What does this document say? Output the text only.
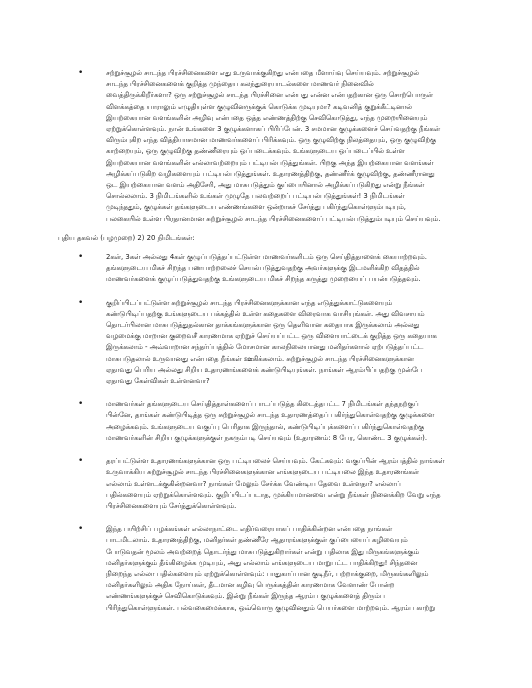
•	சற்றுச்சூழல் சாடந்த பிரச்சினைகளை எது உருவாக்குகிறது என்பதை மீளாய்வு செய்யவும். சற்றுச்சூழல்
சாடந்த பிரச்சினைகளைக் குறித்த முந்தைய கலந்துரையாடல்களை மாணவர் நினைவில்
வைத்திருக்கிறீர்களா? ஒரு சற்றுச்சூழல் சாடந்த பிரச்சினை என்பது என்ன என்பதற்கான ஒரு சொற்பொருள்
விளக்கத்தை யாராலும் எழுதியுள்ள குழுவினருக்குக் கொடுக்க முடியுமா? கடிவனித் குறுக்கீட்டினால்
இயற்கையான வளங்களின் அழிவு என்பதை ஒத்த எண்ணத்திற்கு செவிகொடுத்து, எந்த முறையினையும்
ஏற்றுக்கொள்ளவும். நான் உங்களை 3 குழுக்களாகப் பிரிப்பேன். 3 சமமான குழுக்களைச் செய்வதற்கு நீங்கள்
விரும்புகிற எந்த வித்தியாசமான மாணவர்களைப் பிரிக்கவும். ஒரு குழுவிற்கு நிலத்தையும், ஒரு குழுவிற்கு
காற்றையும், ஒரு குழுவிற்கு தண்ணீரையும் ஒப்படைக்கவும். உங்களுடைய ஒப்படைப்பில் உள்ள
இயற்கையான வளங்களின் எல்லாவற்றையும் பட்டியல்படுத்துங்கள். பிறகு அந்த இயற்கையான வளங்கள்
அழிக்கப்படுகிற வழிகளையும் பட்டியல்படுத்துங்கள். உதாரணத்திற்கு, தண்ணீர்க் குழுவிற்கு, தண்ணீரானது
ஒட இயற்கையான வளம் அதிசேரி, அது மாசுபடுத்தும் குப்பையினால் அழிக்கப்படுகிறது என்று நீங்கள்
சொல்லலாம். 3 நிமிடங்களில் உங்கள் முழுதே பலவற்றைப் பட்டியல்படுத்துங்கள்! 3 நிமிடங்கள்
முடிந்ததும், குழுக்கள் தங்களுடைய எண்ணங்களை ஒன்றாகச் சேர்த்து பகிர்ந்துகொள்ளும்படியும்,
பலகையில் உள்ள பிரதானமான சுற்றுச்சூழல் சாடந்த பிரச்சினைகளைப் பட்டியல்படுத்தும்படியும் செய்யவும்.
புதிய தகவல் (பழமுறை) 2) 20 நிமிடங்கள்:
•	2கள், 3கள் அல்லது 4கள் குழுப்படுத்தப்பட்டுள்ள மாணவர்களிடம் ஒரு செய்தித்தாளைக் கையாற்றவும்.
தங்களுடைய மிகச் சிறந்த பணபாற்றலைச் செயல்படுத்துவதற்கு அவர்களுக்கு இடமளிக்கிற விதத்தில்
மாணவர்களைக் குழுப்படுத்துவதற்கு உங்களுடைய மிகச் சிறந்த கருத்து முறையைப் பயன்படுத்தவும்.
•	குறிப்பிடப்பட்டுள்ள சுற்றுச்சூழல் சாடந்த பிரச்சினைகளுக்கான எந்த எடுத்துக்காட்டுகளையும்
கண்டுபிடிப்பதற்கு உங்களுடைய பக்கத்தில் உள்ள கதைகளை விரைவாக வாசியுங்கள். அது விவசாயம்
தொடர்பிலான மாசுபடுத்துதல்கான தாக்கங்களுக்கான ஒரு தெளிவான கதையாக இருக்கலாம் அல்லது
வழமைக்கு மாறான குறைவசீ காரணமாக ஏற்றுச் செய்யப்பட்ட ஒரு விளையாட்டைக் குறித்த ஒரு கதையாக
இருக்கலாம் - அவ்வாறான சந்தர்ப்பத்தில் மோசமான காலநிலையானது மனிதர்களால் ஏற்படுத்தப்பட்ட
மாசுபடுதலால் உருவானது என்பதை நீங்கள் ஊகிக்கலாம். சுற்றுச்சூழல் சாடந்த பிரச்சினைகளுக்கான
ஏதாவது பெரிய அல்லது சிறிய உதாரணங்களைக் கண்டுபிடியுங்கள். நாங்கள் ஆரம்பிப்பதற்கு முன்பே
ஏதாவது கேள்விகள் உள்ளனவா?
•	மாணவர்கள் தங்களுடைய செய்தித்தாள்களைப் பாடப்படுத்த கிடைத்தபட்ட 7 நிமிடங்கள் தந்தநற்குப்
பின்னே, தாங்கள் கண்டுபிடித்த ஒரு சுற்றுச்சூழல் சாடந்த உதாரணத்தைப் பகிர்ந்துகொள்வதற்கு குழுக்களை
அழைக்கவும். உங்களுடைய வகுப்பு பெரிதாக இருந்தால், கண்டுபிடிப்புக்களைப் பகிர்ந்துகொள்வதற்கு
மாணவர்களின் சிறிய குழுக்களுக்குள் நகரும்படி செய்யவும் (உதாரணம்: 8 பேர, கொண்ட 3 குழுக்கள்).
•	தரப்பட்டுள்ள உதாரணங்களுக்கான ஒரு பட்டியலைச் செய்யவும். கேட்கவும்: வகுப்பின் ஆரம்பத்தில் நாங்கள்
உருவாக்கிய சுற்றுச்சூழல் சாடந்த பிரச்சினைகளுக்கான எங்களுடைய பட்டியலை இந்த உதாரணங்கள்
எல்லாம் உள்ளடக்குகின்றனவா? நாங்கள் மேலும் சேர்க்க வேண்டிய தேவை உள்ளதா? எல்லாப்
பதில்களையும் ஏற்றுக்கொள்ளவும். குறிப்பிடப்படாத, முக்கியமானவை என்று நீங்கள் நினைக்கிற வேறு எந்த
பிரச்சினைகளையும் சேர்த்துக்கொள்ளவும்.
•	இந்த பயிற்சிப் பழக்கங்கள் எல்லாநாட்டை எதிர்வரையாகப் பாதிக்கின்றன என்பதை நாங்கள்
பாடமிடலாம். உதாரணத்திற்கு, மனிதர்கள் தண்ணீரே ஆதாரங்களுக்குள் குப்பையைப் கழிவையும்
போடுவதன் மூலம் அவற்றைத் தொடர்ந்து மாசுபடுத்துகிறார்கள் என்று பதிலாக இது மிருகங்களுக்கும்
மனிதர்களுக்கும் தீங்கிழைக்க முடியும், அது எல்லாம் எங்களுடைய மாறுபட்ட பாதிக்கிறது! சிந்தனை
நிறைந்த எல்லா பதில்களையும் ஏற்றுக்கொள்ளவும்: பாதுகாப்பான குடிநீர், பற்றாக்குறை, மிருகங்களிலும்
மனிதர்களிலும் அதிக நோய்கள், தீடமான கழிவு பெருக்கத்தின் காரணமாக வேளாண் போன்ற
எண்ணங்களுக்குச் செவிகொடுக்கவும். இன்று நீங்கள் இருந்த ஆரம்ப குழுக்களைத் திரும்ப
பிரிந்துகொள்ளுங்கள். பல்வகைமைக்காக, ஒவ்வொரு குழுவினதும் பெயர்களை மாற்றவும். ஆரம்ப காற்று
